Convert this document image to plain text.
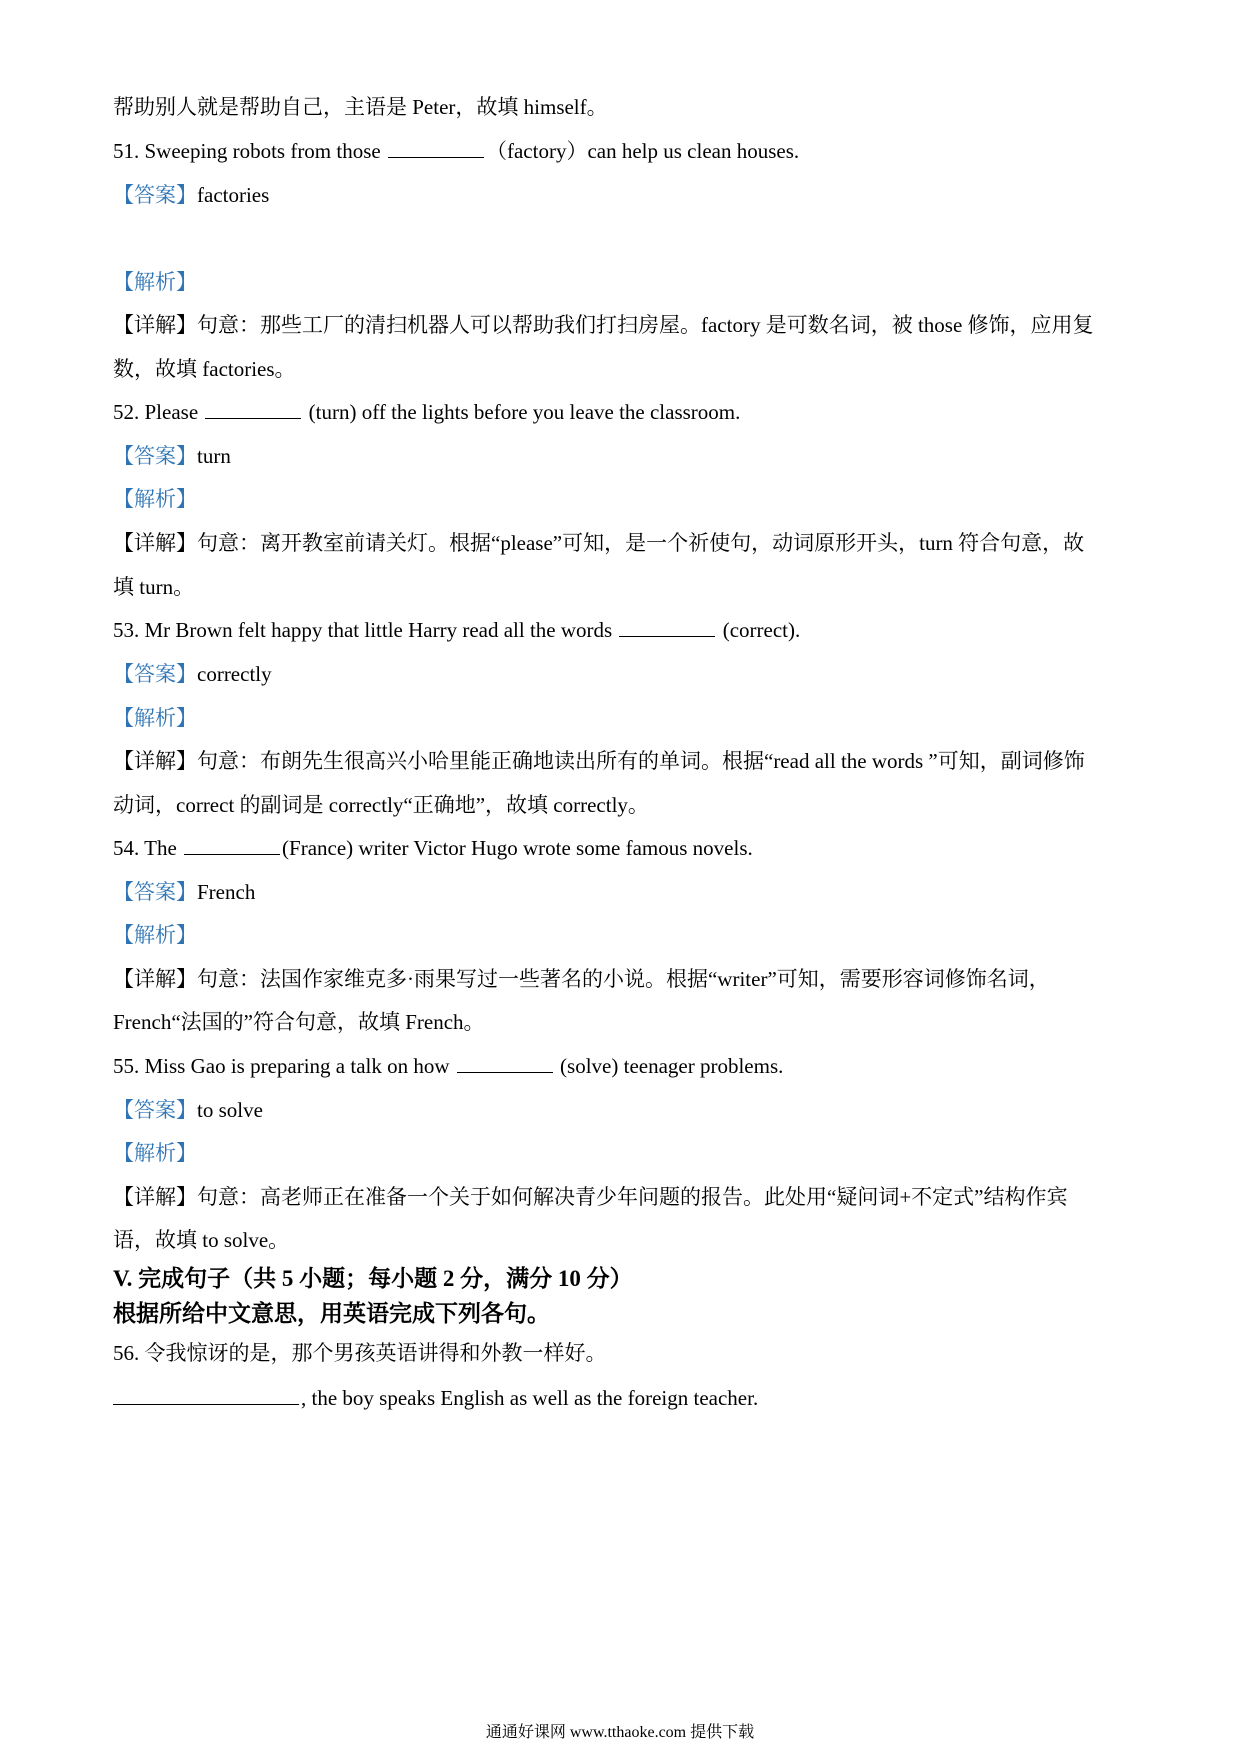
帮助别人就是帮助自己，主语是 Peter，故填 himself。
51. Sweeping robots from those	（factory）can help us clean houses.
【答案】factories
【解析】
【详解】句意：那些工厂的清扫机器人可以帮助我们打扫房屋。factory 是可数名词，被 those 修饰，应用复
数，故填 factories。
52. Please	(turn) off the lights before you leave the classroom.
【答案】turn
【解析】
【详解】句意：离开教室前请关灯。根据“please”可知，是一个祈使句，动词原形开头，turn 符合句意，故
填 turn。
53. Mr Brown felt happy that little Harry read all the words	(correct).
【答案】correctly
【解析】
【详解】句意：布朗先生很高兴小哈里能正确地读出所有的单词。根据“read all the words ”可知，副词修饰
动词，correct 的副词是 correctly“正确地”，故填 correctly。
54. The	(France) writer Victor Hugo wrote some famous novels.
【答案】French
【解析】
【详解】句意：法国作家维克多·雨果写过一些著名的小说。根据“writer”可知，需要形容词修饰名词，
French“法国的”符合句意，故填 French。
55. Miss Gao is preparing a talk on how	(solve) teenager problems.
【答案】to solve
【解析】
【详解】句意：高老师正在准备一个关于如何解决青少年问题的报告。此处用“疑问词+不定式”结构作宾
语，故填 to solve。
V. 完成句子（共 5 小题；每小题 2 分，满分 10 分）
根据所给中文意思，用英语完成下列各句。
56. 令我惊讶的是，那个男孩英语讲得和外教一样好。
, the boy speaks English as well as the foreign teacher.
通通好课网 www.tthaoke.com 提供下载
